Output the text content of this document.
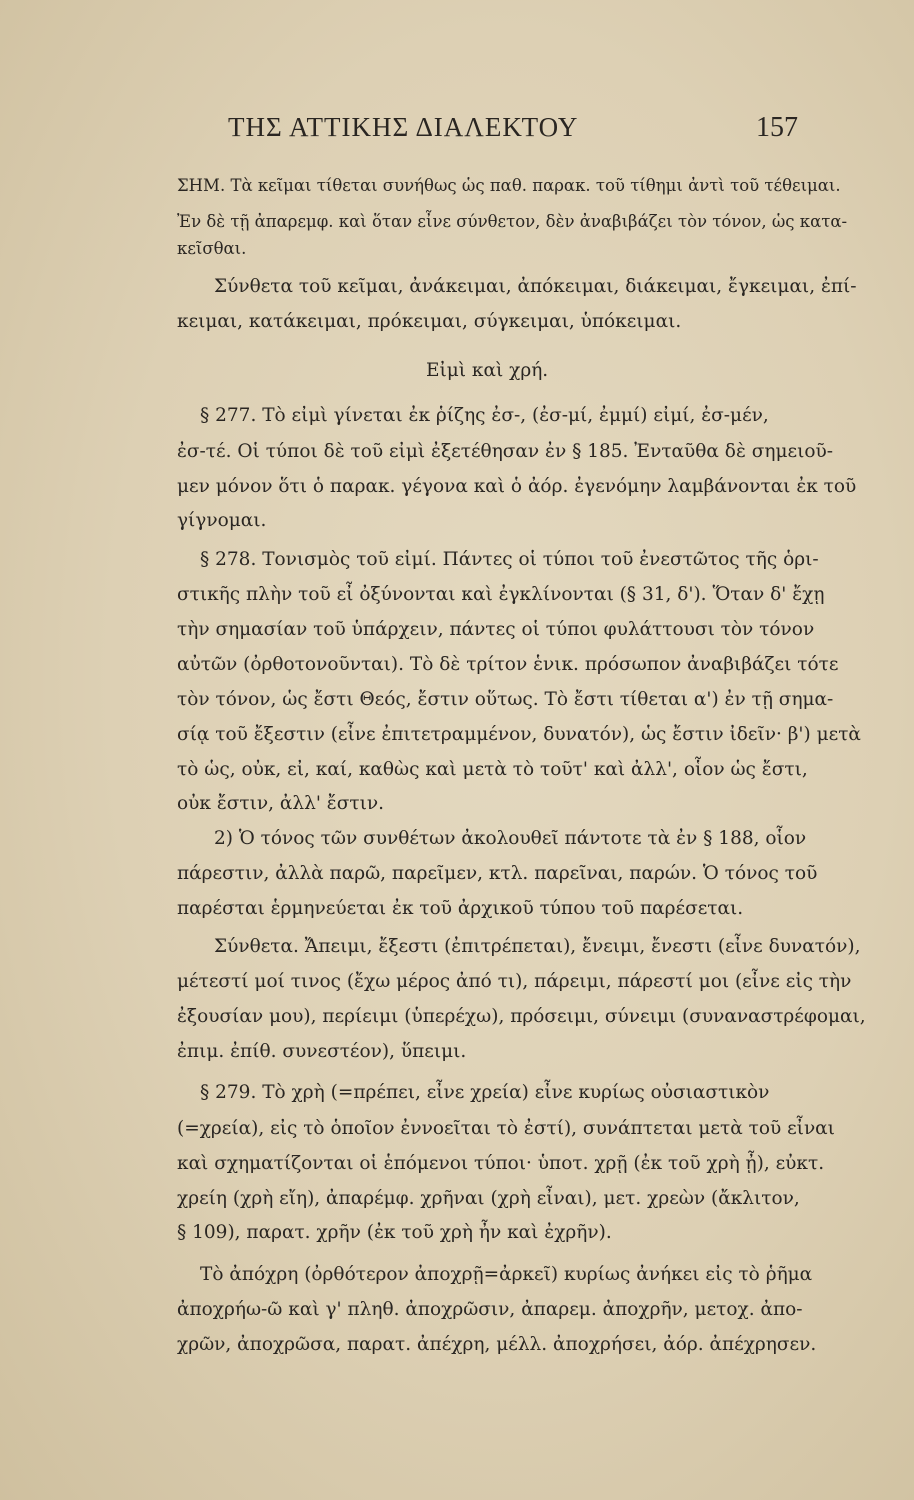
ΤΗΣ ΑΤΤΙΚΗΣ ΔΙΑΛΕΚΤΟΥ	157
ΣΗΜ. Τὰ κεῖμαι τίθεται συνήθως ὡς παθ. παρακ. τοῦ τίθημι ἀντὶ τοῦ τέθειμαι.
Ἐν δὲ τῇ ἀπαρεμφ. καὶ ὅταν εἶνε σύνθετον, δὲν ἀναβιβάζει τὸν τόνον, ὡς κατα-
κεῖσθαι.
Σύνθετα τοῦ κεῖμαι, ἀνάκειμαι, ἀπόκειμαι, διάκειμαι, ἔγκειμαι, ἐπί-
κειμαι, κατάκειμαι, πρόκειμαι, σύγκειμαι, ὑπόκειμαι.
Εἰμὶ καὶ χρή.
§ 277. Τὸ εἰμὶ γίνεται ἐκ ῥίζης ἐσ-, (ἐσ-μί, ἐμμί) εἰμί, ἐσ-μέν,
ἐσ-τέ. Οἱ τύποι δὲ τοῦ εἰμὶ ἐξετέθησαν ἐν § 185. Ἐνταῦθα δὲ σημειοῦ-
μεν μόνον ὅτι ὁ παρακ. γέγονα καὶ ὁ ἀόρ. ἐγενόμην λαμβάνονται ἐκ τοῦ
γίγνομαι.
§ 278. Τονισμὸς τοῦ εἰμί. Πάντες οἱ τύποι τοῦ ἐνεστῶτος τῆς ὁρι-
στικῆς πλὴν τοῦ εἶ ὀξύνονται καὶ ἐγκλίνονται (§ 31, δ'). Ὅταν δ' ἔχῃ
τὴν σημασίαν τοῦ ὑπάρχειν, πάντες οἱ τύποι φυλάττουσι τὸν τόνον
αὐτῶν (ὀρθοτονοῦνται). Τὸ δὲ τρίτον ἑνικ. πρόσωπον ἀναβιβάζει τότε
τὸν τόνον, ὡς ἔστι Θεός, ἔστιν οὕτως. Τὸ ἔστι τίθεται α') ἐν τῇ σημα-
σίᾳ τοῦ ἔξεστιν (εἶνε ἐπιτετραμμένον, δυνατόν), ὡς ἔστιν ἰδεῖν· β') μετὰ
τὸ ὡς, οὐκ, εἰ, καί, καθὼς καὶ μετὰ τὸ τοῦτ' καὶ ἀλλ', οἷον ὡς ἔστι,
οὐκ ἔστιν, ἀλλ' ἔστιν.
2) Ὁ τόνος τῶν συνθέτων ἀκολουθεῖ πάντοτε τὰ ἐν § 188, οἷον
πάρεστιν, ἀλλὰ παρῶ, παρεῖμεν, κτλ. παρεῖναι, παρών. Ὁ τόνος τοῦ
παρέσται ἑρμηνεύεται ἐκ τοῦ ἀρχικοῦ τύπου τοῦ παρέσεται.
Σύνθετα. Ἄπειμι, ἔξεστι (ἐπιτρέπεται), ἔνειμι, ἔνεστι (εἶνε δυνατόν),
μέτεστί μοί τινος (ἔχω μέρος ἀπό τι), πάρειμι, πάρεστί μοι (εἶνε εἰς τὴν
ἐξουσίαν μου), περίειμι (ὑπερέχω), πρόσειμι, σύνειμι (συναναστρέφομαι,
ἐπιμ. ἐπίθ. συνεστέον), ὕπειμι.
§ 279. Τὸ χρὴ (=πρέπει, εἶνε χρεία) εἶνε κυρίως οὐσιαστικὸν
(=χρεία), εἰς τὸ ὁποῖον ἐννοεῖται τὸ ἐστί), συνάπτεται μετὰ τοῦ εἶναι
καὶ σχηματίζονται οἱ ἑπόμενοι τύποι· ὑποτ. χρῇ (ἐκ τοῦ χρὴ ᾖ), εὐκτ.
χρείη (χρὴ εἴη), ἀπαρέμφ. χρῆναι (χρὴ εἶναι), μετ. χρεὼν (ἄκλιτον,
§ 109), παρατ. χρῆν (ἐκ τοῦ χρὴ ἦν καὶ ἐχρῆν).
Τὸ ἀπόχρη (ὀρθότερον ἀποχρῇ=ἀρκεῖ) κυρίως ἀνήκει εἰς τὸ ῥῆμα
ἀποχρήω-ῶ καὶ γ' πληθ. ἀποχρῶσιν, ἀπαρεμ. ἀποχρῆν, μετοχ. ἀπο-
χρῶν, ἀποχρῶσα, παρατ. ἀπέχρη, μέλλ. ἀποχρήσει, ἀόρ. ἀπέχρησεν.
